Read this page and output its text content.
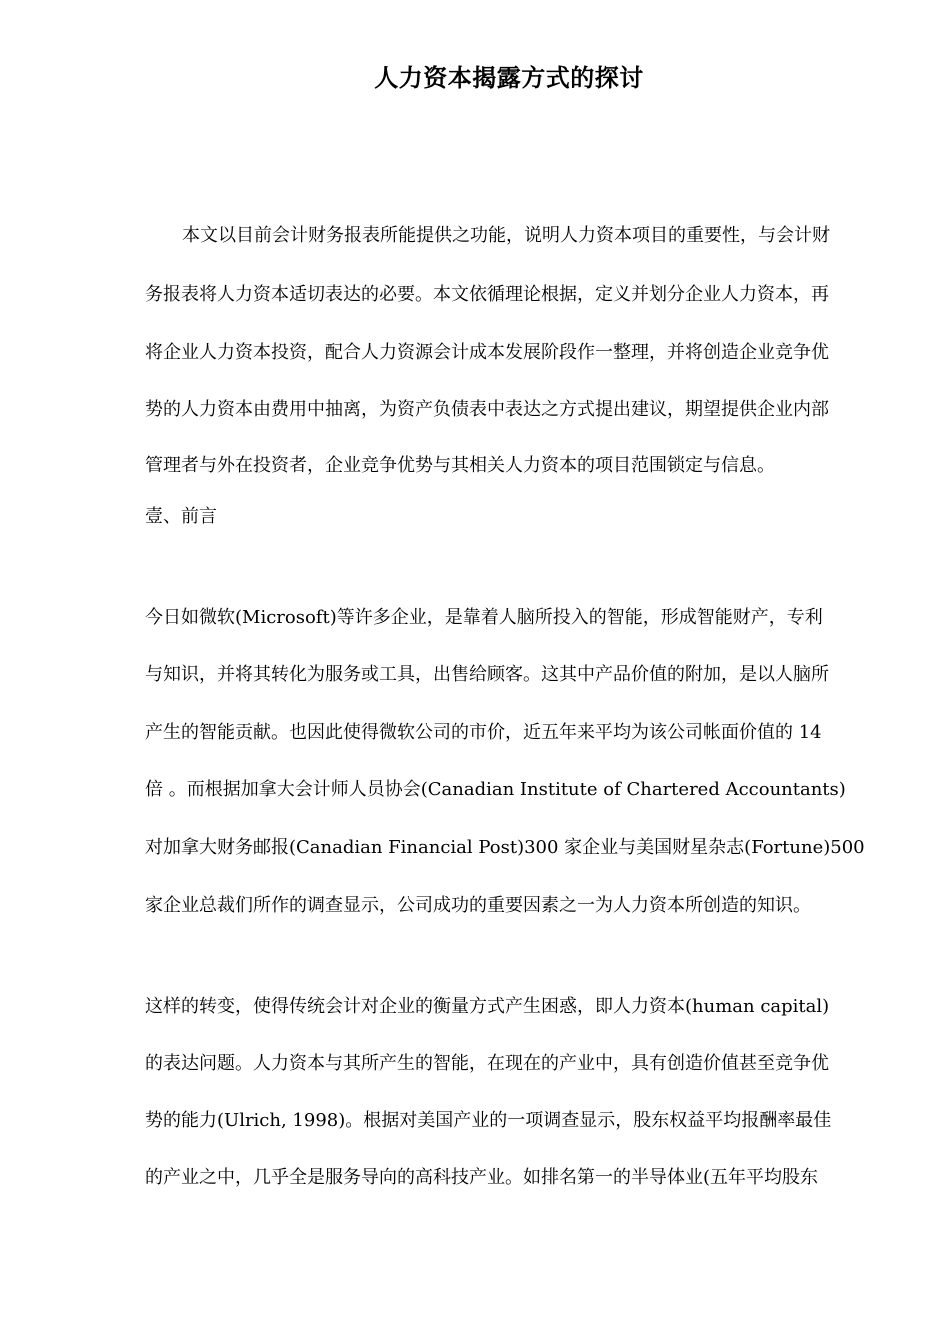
人力资本揭露方式的探讨

本文以目前会计财务报表所能提供之功能，说明人力资本项目的重要性，与会计财

务报表将人力资本适切表达的必要。本文依循理论根据，定义并划分企业人力资本，再

将企业人力资本投资，配合人力资源会计成本发展阶段作一整理，并将创造企业竞争优

势的人力资本由费用中抽离，为资产负债表中表达之方式提出建议，期望提供企业内部

管理者与外在投资者，企业竞争优势与其相关人力资本的项目范围锁定与信息。

壹、前言

今日如微软(Microsoft)等许多企业，是靠着人脑所投入的智能，形成智能财产，专利

与知识，并将其转化为服务或工具，出售给顾客。这其中产品价值的附加，是以人脑所

产生的智能贡献。也因此使得微软公司的市价，近五年来平均为该公司帐面价值的 14

倍 。而根据加拿大会计师人员协会(Canadian Institute of Chartered Accountants)

对加拿大财务邮报(Canadian Financial Post)300 家企业与美国财星杂志(Fortune)500

家企业总裁们所作的调查显示，公司成功的重要因素之一为人力资本所创造的知识。

这样的转变，使得传统会计对企业的衡量方式产生困惑，即人力资本(human capital)

的表达问题。人力资本与其所产生的智能，在现在的产业中，具有创造价值甚至竞争优

势的能力(Ulrich, 1998)。根据对美国产业的一项调查显示，股东权益平均报酬率最佳

的产业之中，几乎全是服务导向的高科技产业。如排名第一的半导体业(五年平均股东
